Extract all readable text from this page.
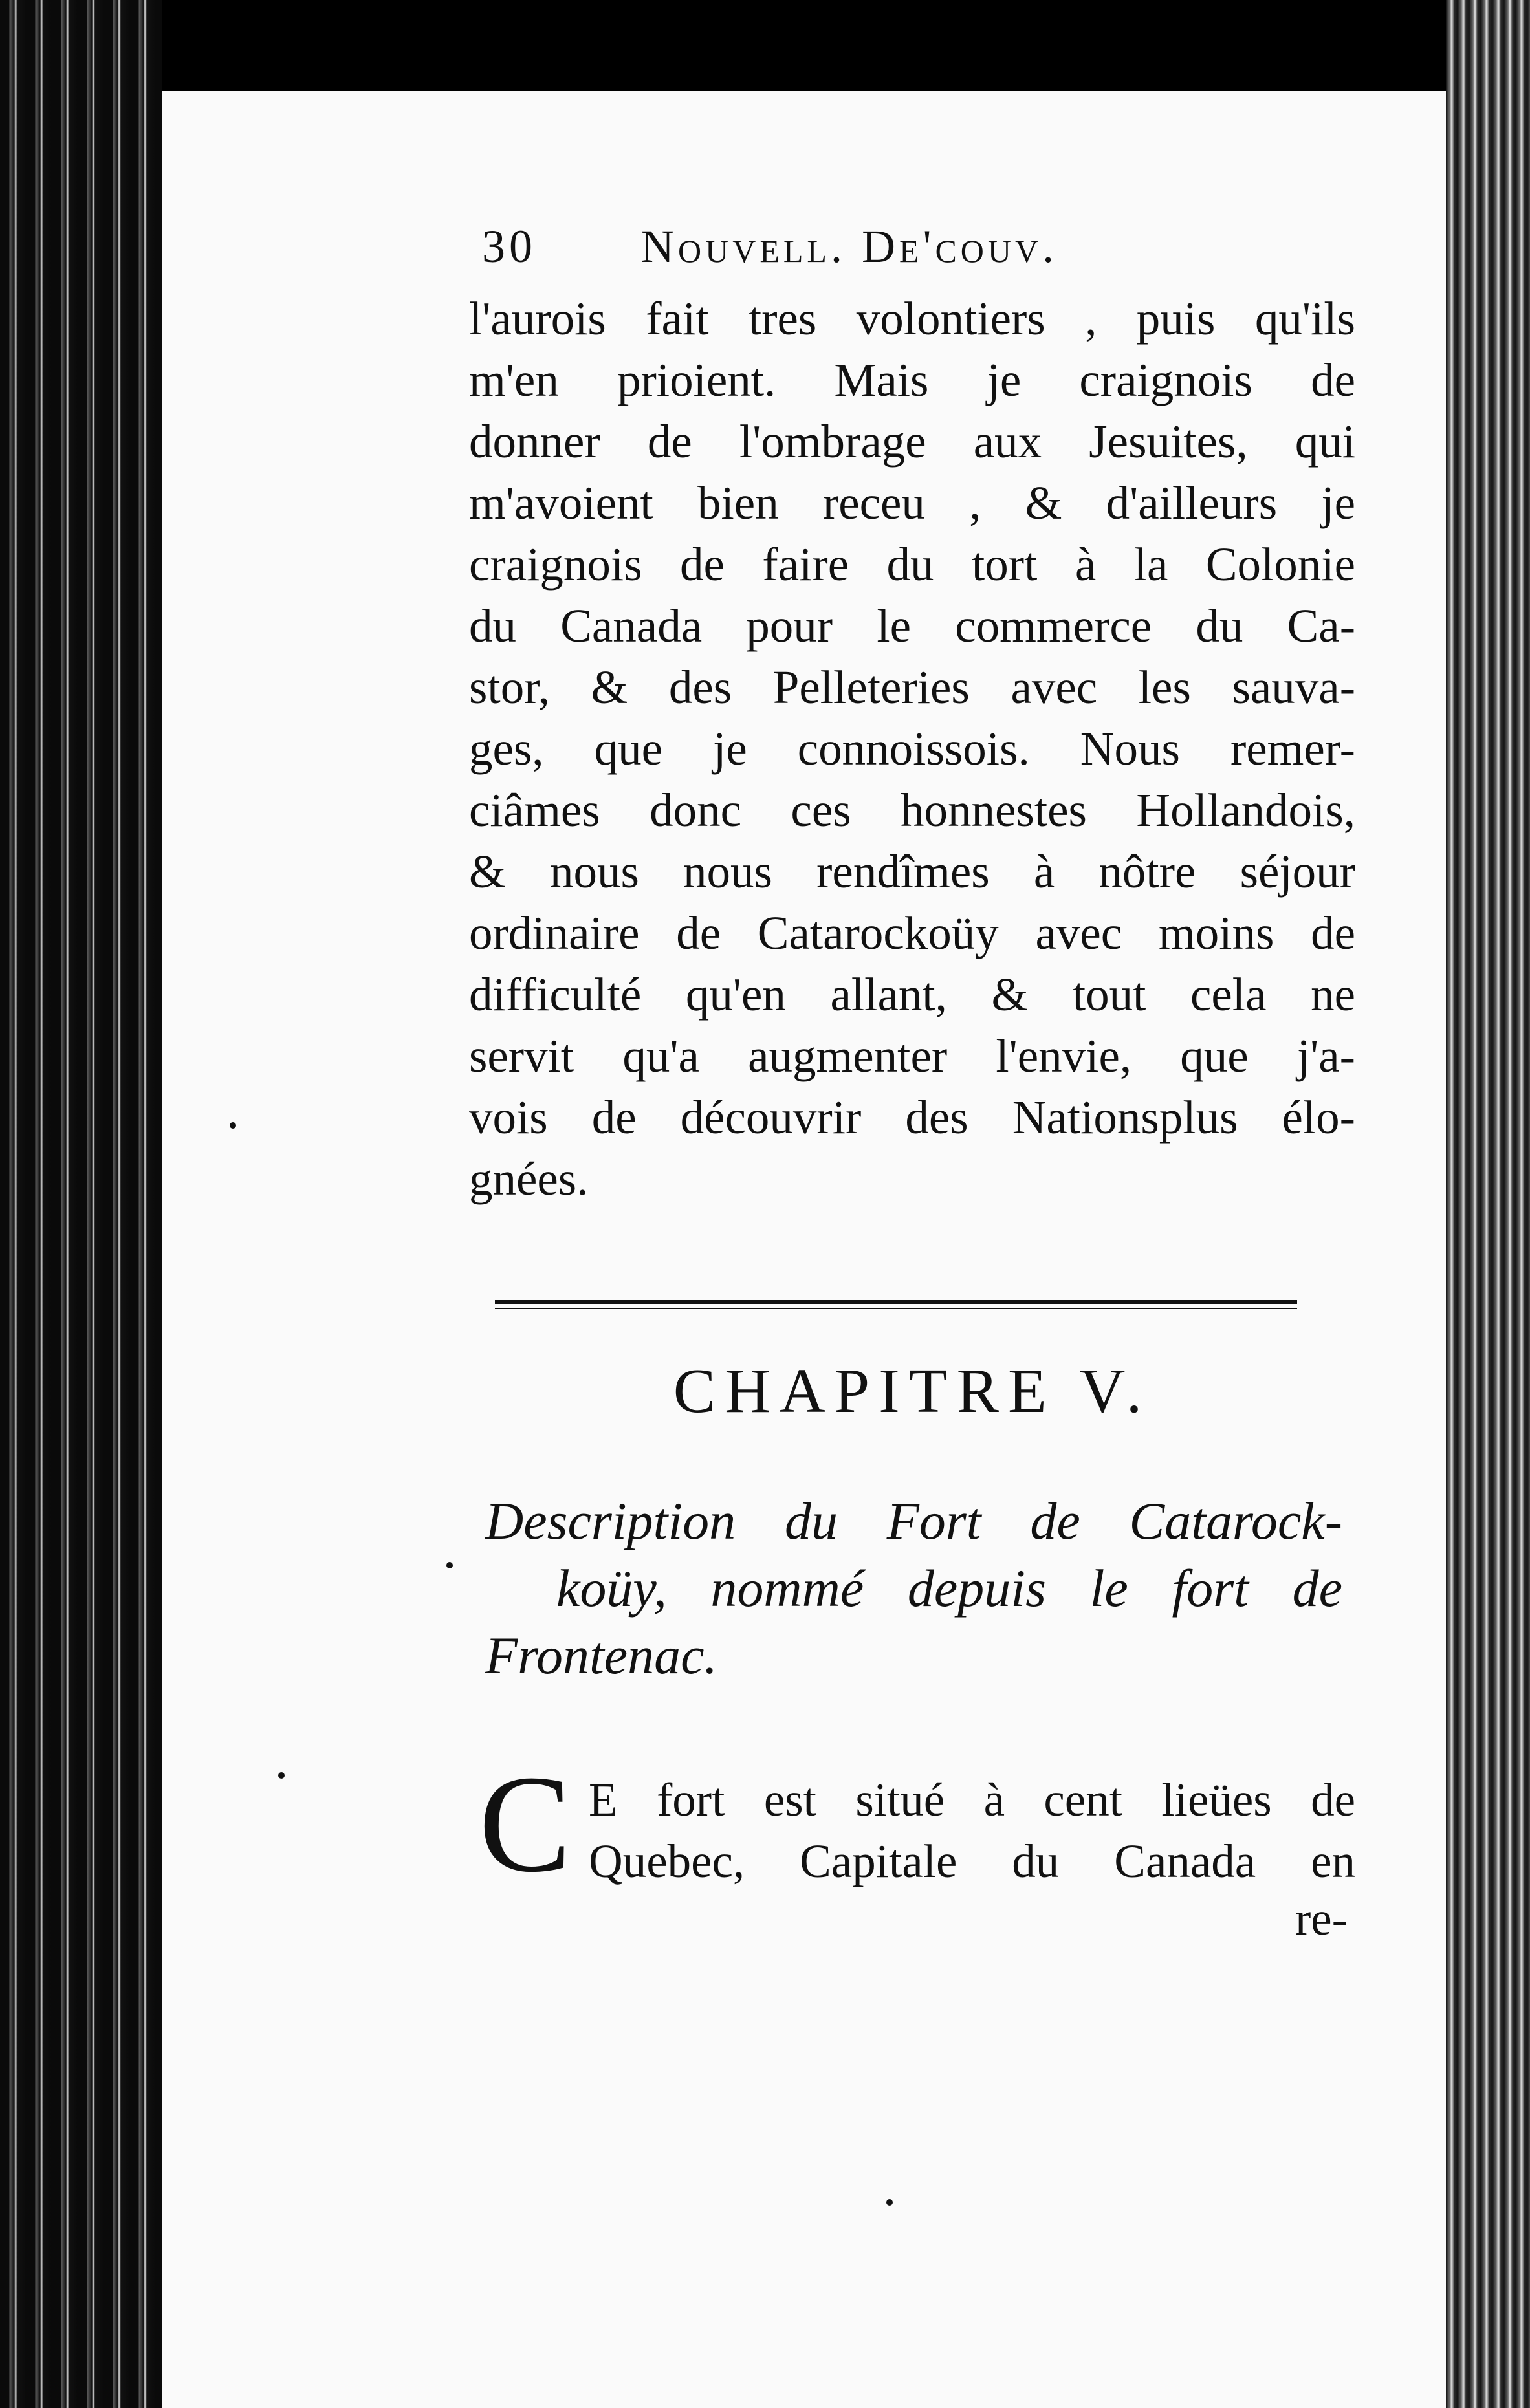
30 Nouvell. De'couv.

l'aurois fait tres volontiers , puis qu'ils
m'en prioient. Mais je craignois de
donner de l'ombrage aux Jesuites, qui
m'avoient bien receu , & d'ailleurs je
craignois de faire du tort à la Colonie
du Canada pour le commerce du Ca-
stor, & des Pelleteries avec les sauva-
ges, que je connoissois. Nous remer-
ciâmes donc ces honnestes Hollandois,
& nous nous rendîmes à nôtre séjour
ordinaire de Catarockoüy avec moins de
difficulté qu'en allant, & tout cela ne
servit qu'a augmenter l'envie, que j'a-
vois de découvrir des Nationsplus élo-
gnées.

CHAPITRE V.

Description du Fort de Catarock-
koüy, nommé depuis le fort de
Frontenac.

C E fort est situé à cent lieües de
Quebec, Capitale du Canada en

re-
